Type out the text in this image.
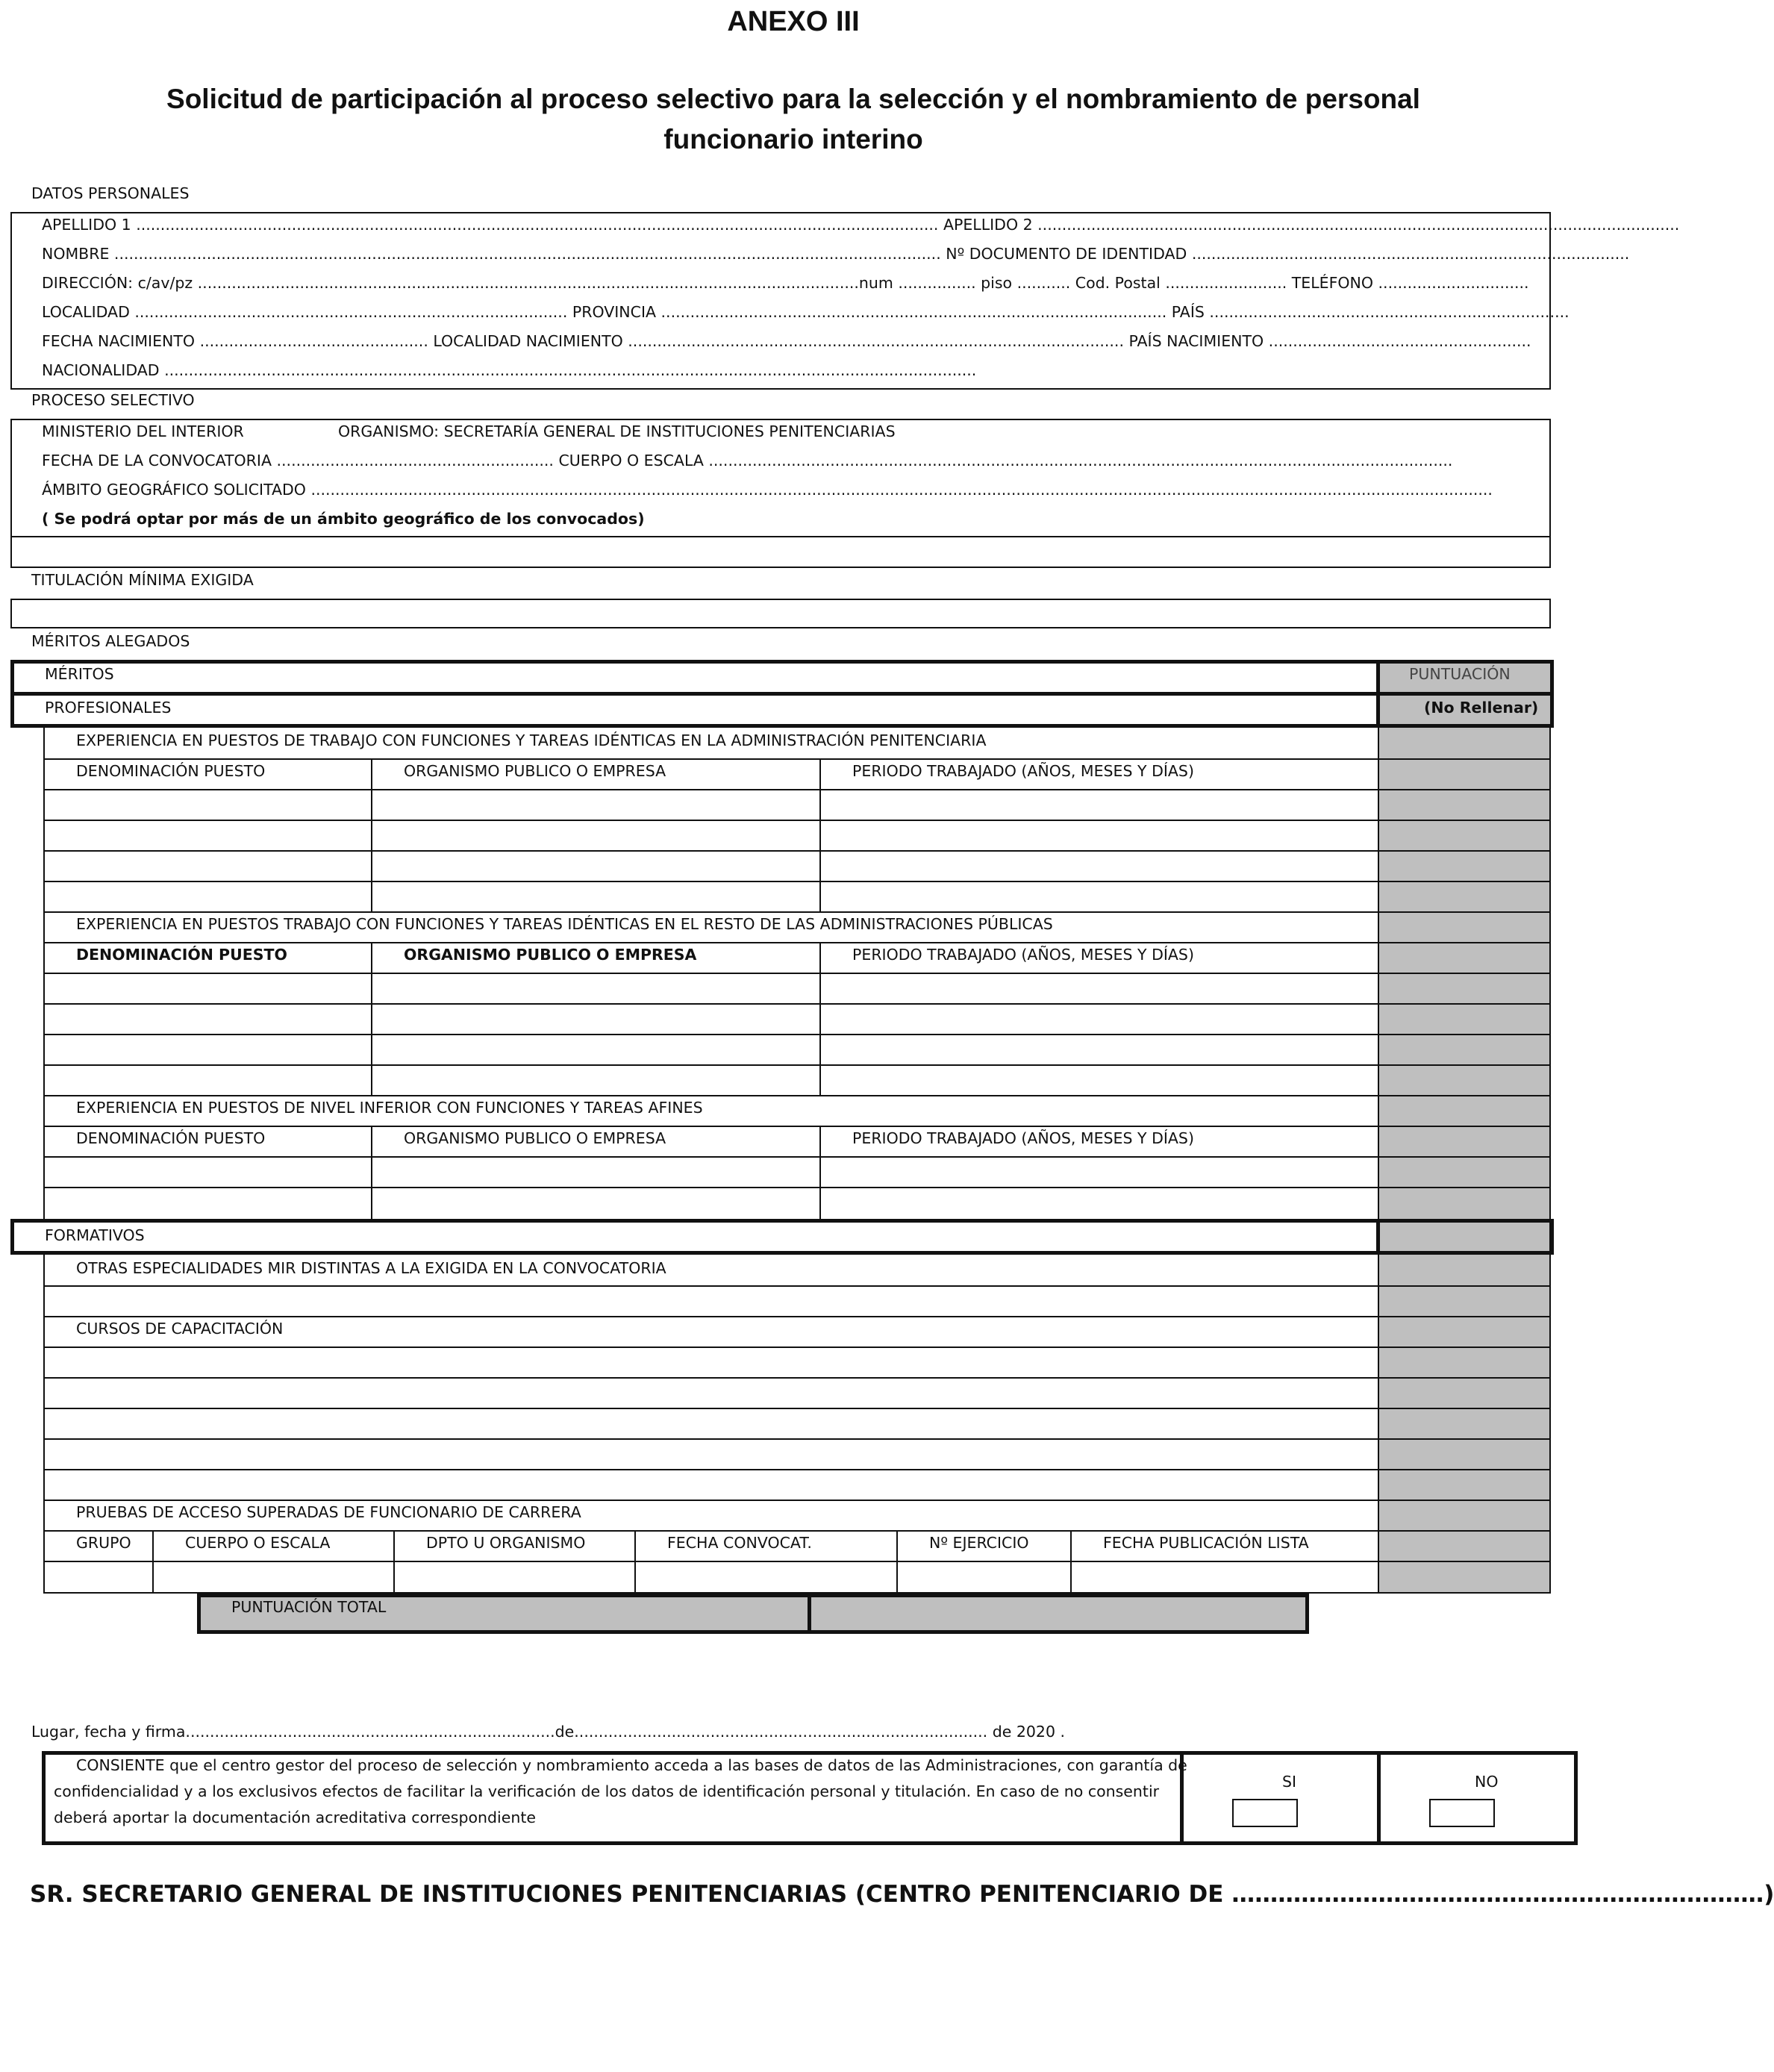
ANEXO III
Solicitud de participación al proceso selectivo para la selección y el nombramiento de personal
funcionario interino
DATOS PERSONALES
APELLIDO 1 ..................................................................................................................................................................... APELLIDO 2 ....................................................................................................................................
NOMBRE .......................................................................................................................................................................... Nº DOCUMENTO DE IDENTIDAD ..........................................................................................
DIRECCIÓN: c/av/pz ........................................................................................................................................num ................ piso ........... Cod. Postal ......................... TELÉFONO ...............................
LOCALIDAD ......................................................................................... PROVINCIA ........................................................................................................ PAÍS ..........................................................................
FECHA NACIMIENTO ............................................... LOCALIDAD NACIMIENTO ...................................................................................................... PAÍS NACIMIENTO ......................................................
NACIONALIDAD .......................................................................................................................................................................
PROCESO SELECTIVO
MINISTERIO DEL INTERIOR	ORGANISMO: SECRETARÍA GENERAL DE INSTITUCIONES PENITENCIARIAS
FECHA DE LA CONVOCATORIA ......................................................... CUERPO O ESCALA .........................................................................................................................................................
ÁMBITO GEOGRÁFICO SOLICITADO ...................................................................................................................................................................................................................................................
( Se podrá optar por más de un ámbito geográfico de los convocados)
TITULACIÓN MÍNIMA EXIGIDA
MÉRITOS ALEGADOS
MÉRITOS	PUNTUACIÓN
PROFESIONALES	(No Rellenar)
EXPERIENCIA EN PUESTOS DE TRABAJO CON FUNCIONES Y TAREAS IDÉNTICAS EN LA ADMINISTRACIÓN PENITENCIARIA
DENOMINACIÓN PUESTO	ORGANISMO PUBLICO O EMPRESA	PERIODO TRABAJADO (AÑOS, MESES Y DÍAS)
EXPERIENCIA EN PUESTOS TRABAJO CON FUNCIONES Y TAREAS IDÉNTICAS EN EL RESTO DE LAS ADMINISTRACIONES PÚBLICAS
DENOMINACIÓN PUESTO	ORGANISMO PUBLICO O EMPRESA	PERIODO TRABAJADO (AÑOS, MESES Y DÍAS)
EXPERIENCIA EN PUESTOS DE NIVEL INFERIOR CON FUNCIONES Y TAREAS AFINES
DENOMINACIÓN PUESTO	ORGANISMO PUBLICO O EMPRESA	PERIODO TRABAJADO (AÑOS, MESES Y DÍAS)
FORMATIVOS
OTRAS ESPECIALIDADES MIR DISTINTAS A LA EXIGIDA EN LA CONVOCATORIA
CURSOS DE CAPACITACIÓN
PRUEBAS DE ACCESO SUPERADAS DE FUNCIONARIO DE CARRERA
GRUPO	CUERPO O ESCALA	DPTO U ORGANISMO	FECHA CONVOCAT.	Nº EJERCICIO	FECHA PUBLICACIÓN LISTA
PUNTUACIÓN TOTAL
Lugar, fecha y firma............................................................................de..................................................................................... de 2020 .
CONSIENTE que el centro gestor del proceso de selección y nombramiento acceda a las bases de datos de las Administraciones, con garantía de
confidencialidad y a los exclusivos efectos de facilitar la verificación de los datos de identificación personal y titulación. En caso de no consentir
deberá aportar la documentación acreditativa correspondiente
SI	NO
SR. SECRETARIO GENERAL DE INSTITUCIONES PENITENCIARIAS (CENTRO PENITENCIARIO DE ……………………………………………………………)
